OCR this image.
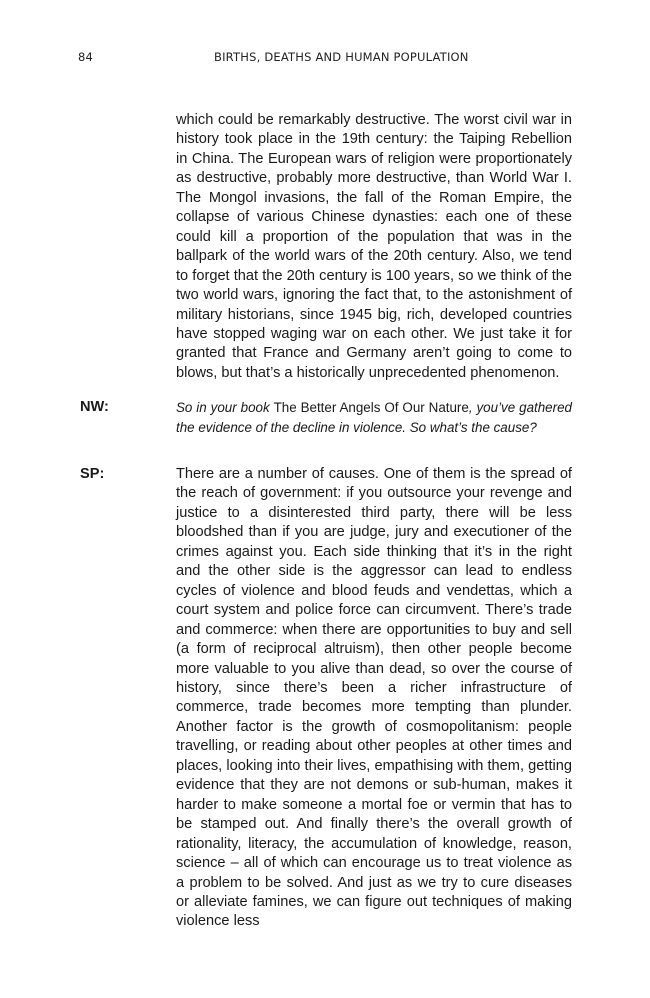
84	BIRTHS, DEATHS AND HUMAN POPULATION

which could be remarkably destructive. The worst civil war in history took place in the 19th century: the Taiping Rebellion in China. The European wars of religion were proportionately as destructive, probably more destructive, than World War I. The Mongol invasions, the fall of the Roman Empire, the collapse of various Chinese dynasties: each one of these could kill a proportion of the population that was in the ballpark of the world wars of the 20th century. Also, we tend to forget that the 20th century is 100 years, so we think of the two world wars, ignoring the fact that, to the astonishment of military historians, since 1945 big, rich, developed countries have stopped waging war on each other. We just take it for granted that France and Germany aren’t going to come to blows, but that’s a historically unprecedented phenomenon.

NW:	So in your book The Better Angels Of Our Nature, you’ve gathered the evidence of the decline in violence. So what’s the cause?

SP:	There are a number of causes. One of them is the spread of the reach of government: if you outsource your revenge and justice to a disinterested third party, there will be less bloodshed than if you are judge, jury and executioner of the crimes against you. Each side thinking that it’s in the right and the other side is the aggressor can lead to endless cycles of violence and blood feuds and vendettas, which a court system and police force can circumvent. There’s trade and commerce: when there are opportunities to buy and sell (a form of reciprocal altruism), then other people become more valuable to you alive than dead, so over the course of history, since there’s been a richer infrastructure of commerce, trade becomes more tempting than plunder. Another factor is the growth of cosmopolitanism: people travelling, or reading about other peoples at other times and places, looking into their lives, empathising with them, getting evidence that they are not demons or sub-human, makes it harder to make someone a mortal foe or vermin that has to be stamped out. And finally there’s the overall growth of rationality, literacy, the accumulation of knowledge, reason, science – all of which can encourage us to treat violence as a problem to be solved. And just as we try to cure diseases or alleviate famines, we can figure out techniques of making violence less
